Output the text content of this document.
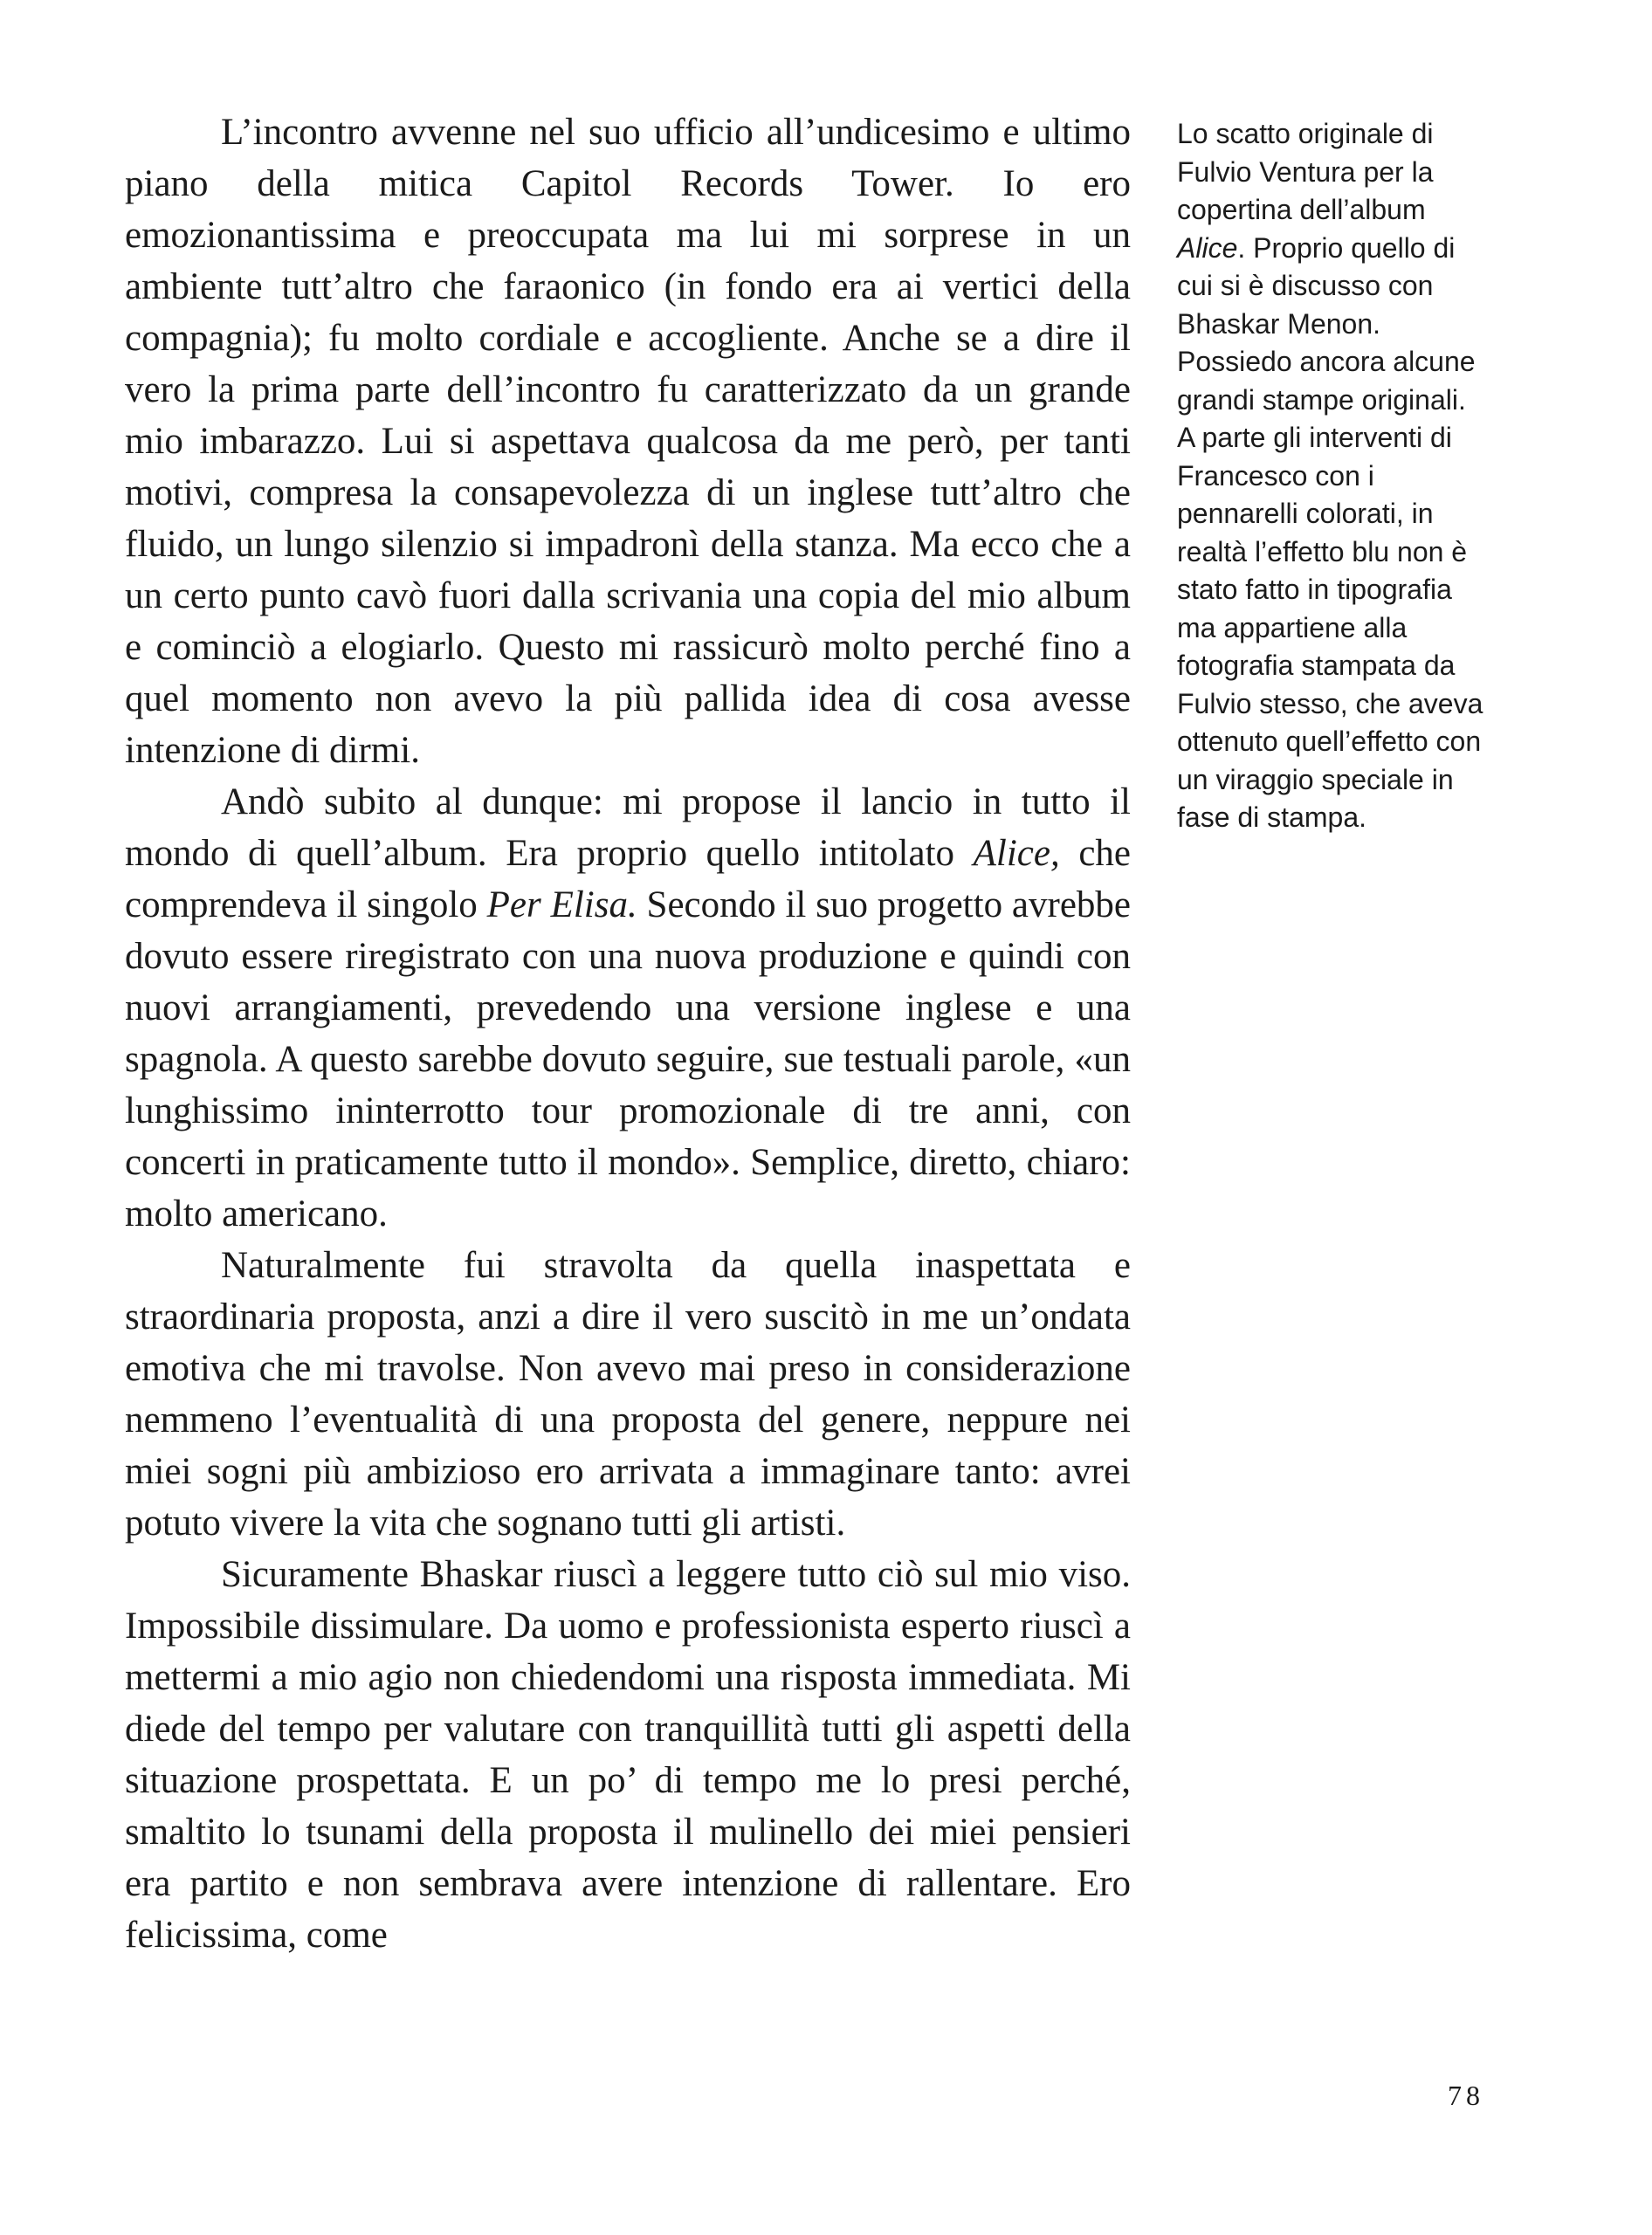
L’incontro avvenne nel suo ufficio all’undicesimo e ultimo piano della mitica Capitol Records Tower. Io ero emozionantissima e preoccupata ma lui mi sorprese in un ambiente tutt’altro che faraonico (in fondo era ai vertici della compagnia); fu molto cordiale e accogliente. Anche se a dire il vero la prima parte dell’incontro fu caratterizzato da un grande mio imbarazzo. Lui si aspettava qualcosa da me però, per tanti motivi, compresa la consapevolezza di un inglese tutt’altro che fluido, un lungo silenzio si impadronì della stanza. Ma ecco che a un certo punto cavò fuori dalla scrivania una copia del mio album e cominciò a elogiarlo. Questo mi rassicurò molto perché fino a quel momento non avevo la più pallida idea di cosa avesse intenzione di dirmi.

Andò subito al dunque: mi propose il lancio in tutto il mondo di quell’album. Era proprio quello intitolato Alice, che comprendeva il singolo Per Elisa. Secondo il suo progetto avrebbe dovuto essere riregistrato con una nuova produzione e quindi con nuovi arrangiamenti, prevedendo una versione inglese e una spagnola. A questo sarebbe dovuto seguire, sue testuali parole, «un lunghissimo ininterrotto tour promozionale di tre anni, con concerti in praticamente tutto il mondo». Semplice, diretto, chiaro: molto americano.

Naturalmente fui stravolta da quella inaspettata e straordinaria proposta, anzi a dire il vero suscitò in me un’ondata emotiva che mi travolse. Non avevo mai preso in considerazione nemmeno l’eventualità di una proposta del genere, neppure nei miei sogni più ambizioso ero arrivata a immaginare tanto: avrei potuto vivere la vita che sognano tutti gli artisti.

Sicuramente Bhaskar riuscì a leggere tutto ciò sul mio viso. Impossibile dissimulare. Da uomo e professionista esperto riuscì a mettermi a mio agio non chiedendomi una risposta immediata. Mi diede del tempo per valutare con tranquillità tutti gli aspetti della situazione prospettata. E un po’ di tempo me lo presi perché, smaltito lo tsunami della proposta il mulinello dei miei pensieri era partito e non sembrava avere intenzione di rallentare. Ero felicissima, come

Lo scatto originale di Fulvio Ventura per la copertina dell’album Alice. Proprio quello di cui si è discusso con Bhaskar Menon. Possiedo ancora alcune grandi stampe originali.

A parte gli interventi di Francesco con i pennarelli colorati, in realtà l’effetto blu non è stato fatto in tipografia ma appartiene alla fotografia stampata da Fulvio stesso, che aveva ottenuto quell’effetto con un viraggio speciale in fase di stampa.

78
